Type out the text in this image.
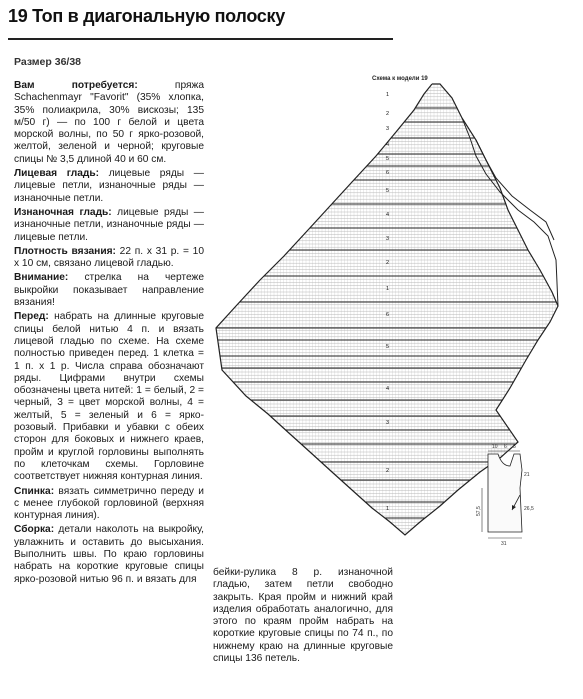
19 Топ в диагональную полоску
Размер 36/38

Вам потребуется: пряжа Schachenmayr "Favorit" (35% хлопка, 35% полиакрила, 30% вискозы; 135 м/50 г) — по 100 г белой и цвета морской волны, по 50 г ярко-розовой, желтой, зеленой и черной; круговые спицы № 3,5 длиной 40 и 60 см.

Лицевая гладь: лицевые ряды — лицевые петли, изнаночные ряды — изнаночные петли.

Изнаночная гладь: лицевые ряды — изнаночные петли, изнаночные ряды — лицевые петли.

Плотность вязания: 22 п. х 31 р. = 10 х 10 см, связано лицевой гладью.

Внимание: стрелка на чертеже выкройки показывает направление вязания!

Перед: набрать на длинные круговые спицы белой нитью 4 п. и вязать лицевой гладью по схеме. На схеме полностью приведен перед. 1 клетка = 1 п. х 1 р. Числа справа обозначают ряды. Цифрами внутри схемы обозначены цвета нитей: 1 = белый, 2 = черный, 3 = цвет морской волны, 4 = желтый, 5 = зеленый и 6 = ярко-розовый. Прибавки и убавки с обеих сторон для боковых и нижнего краев, пройм и круглой горловины выполнять по клеточкам схемы. Горловине соответствует нижняя контурная линия.

Спинка: вязать симметрично переду и с менее глубокой горловиной (верхняя контурная линия).

Сборка: детали наколоть на выкройку, увлажнить и оставить до высыхания. Выполнить швы. По краю горловины набрать на короткие круговые спицы ярко-розовой нитью 96 п. и вязать для

бейки-рулика 8 р. изнаночной гладью, затем петли свободно закрыть. Края пройм и нижний край изделия обработать аналогично, для этого по краям пройм набрать на короткие круговые спицы по 74 п., по нижнему краю на длинные круговые спицы 136 петель.
Схема к модели 19
1
2
3
4
5
6
5
4
3
2
1
6
5
4
3
2
1
10 6 5
57,5
21
26,5
31
